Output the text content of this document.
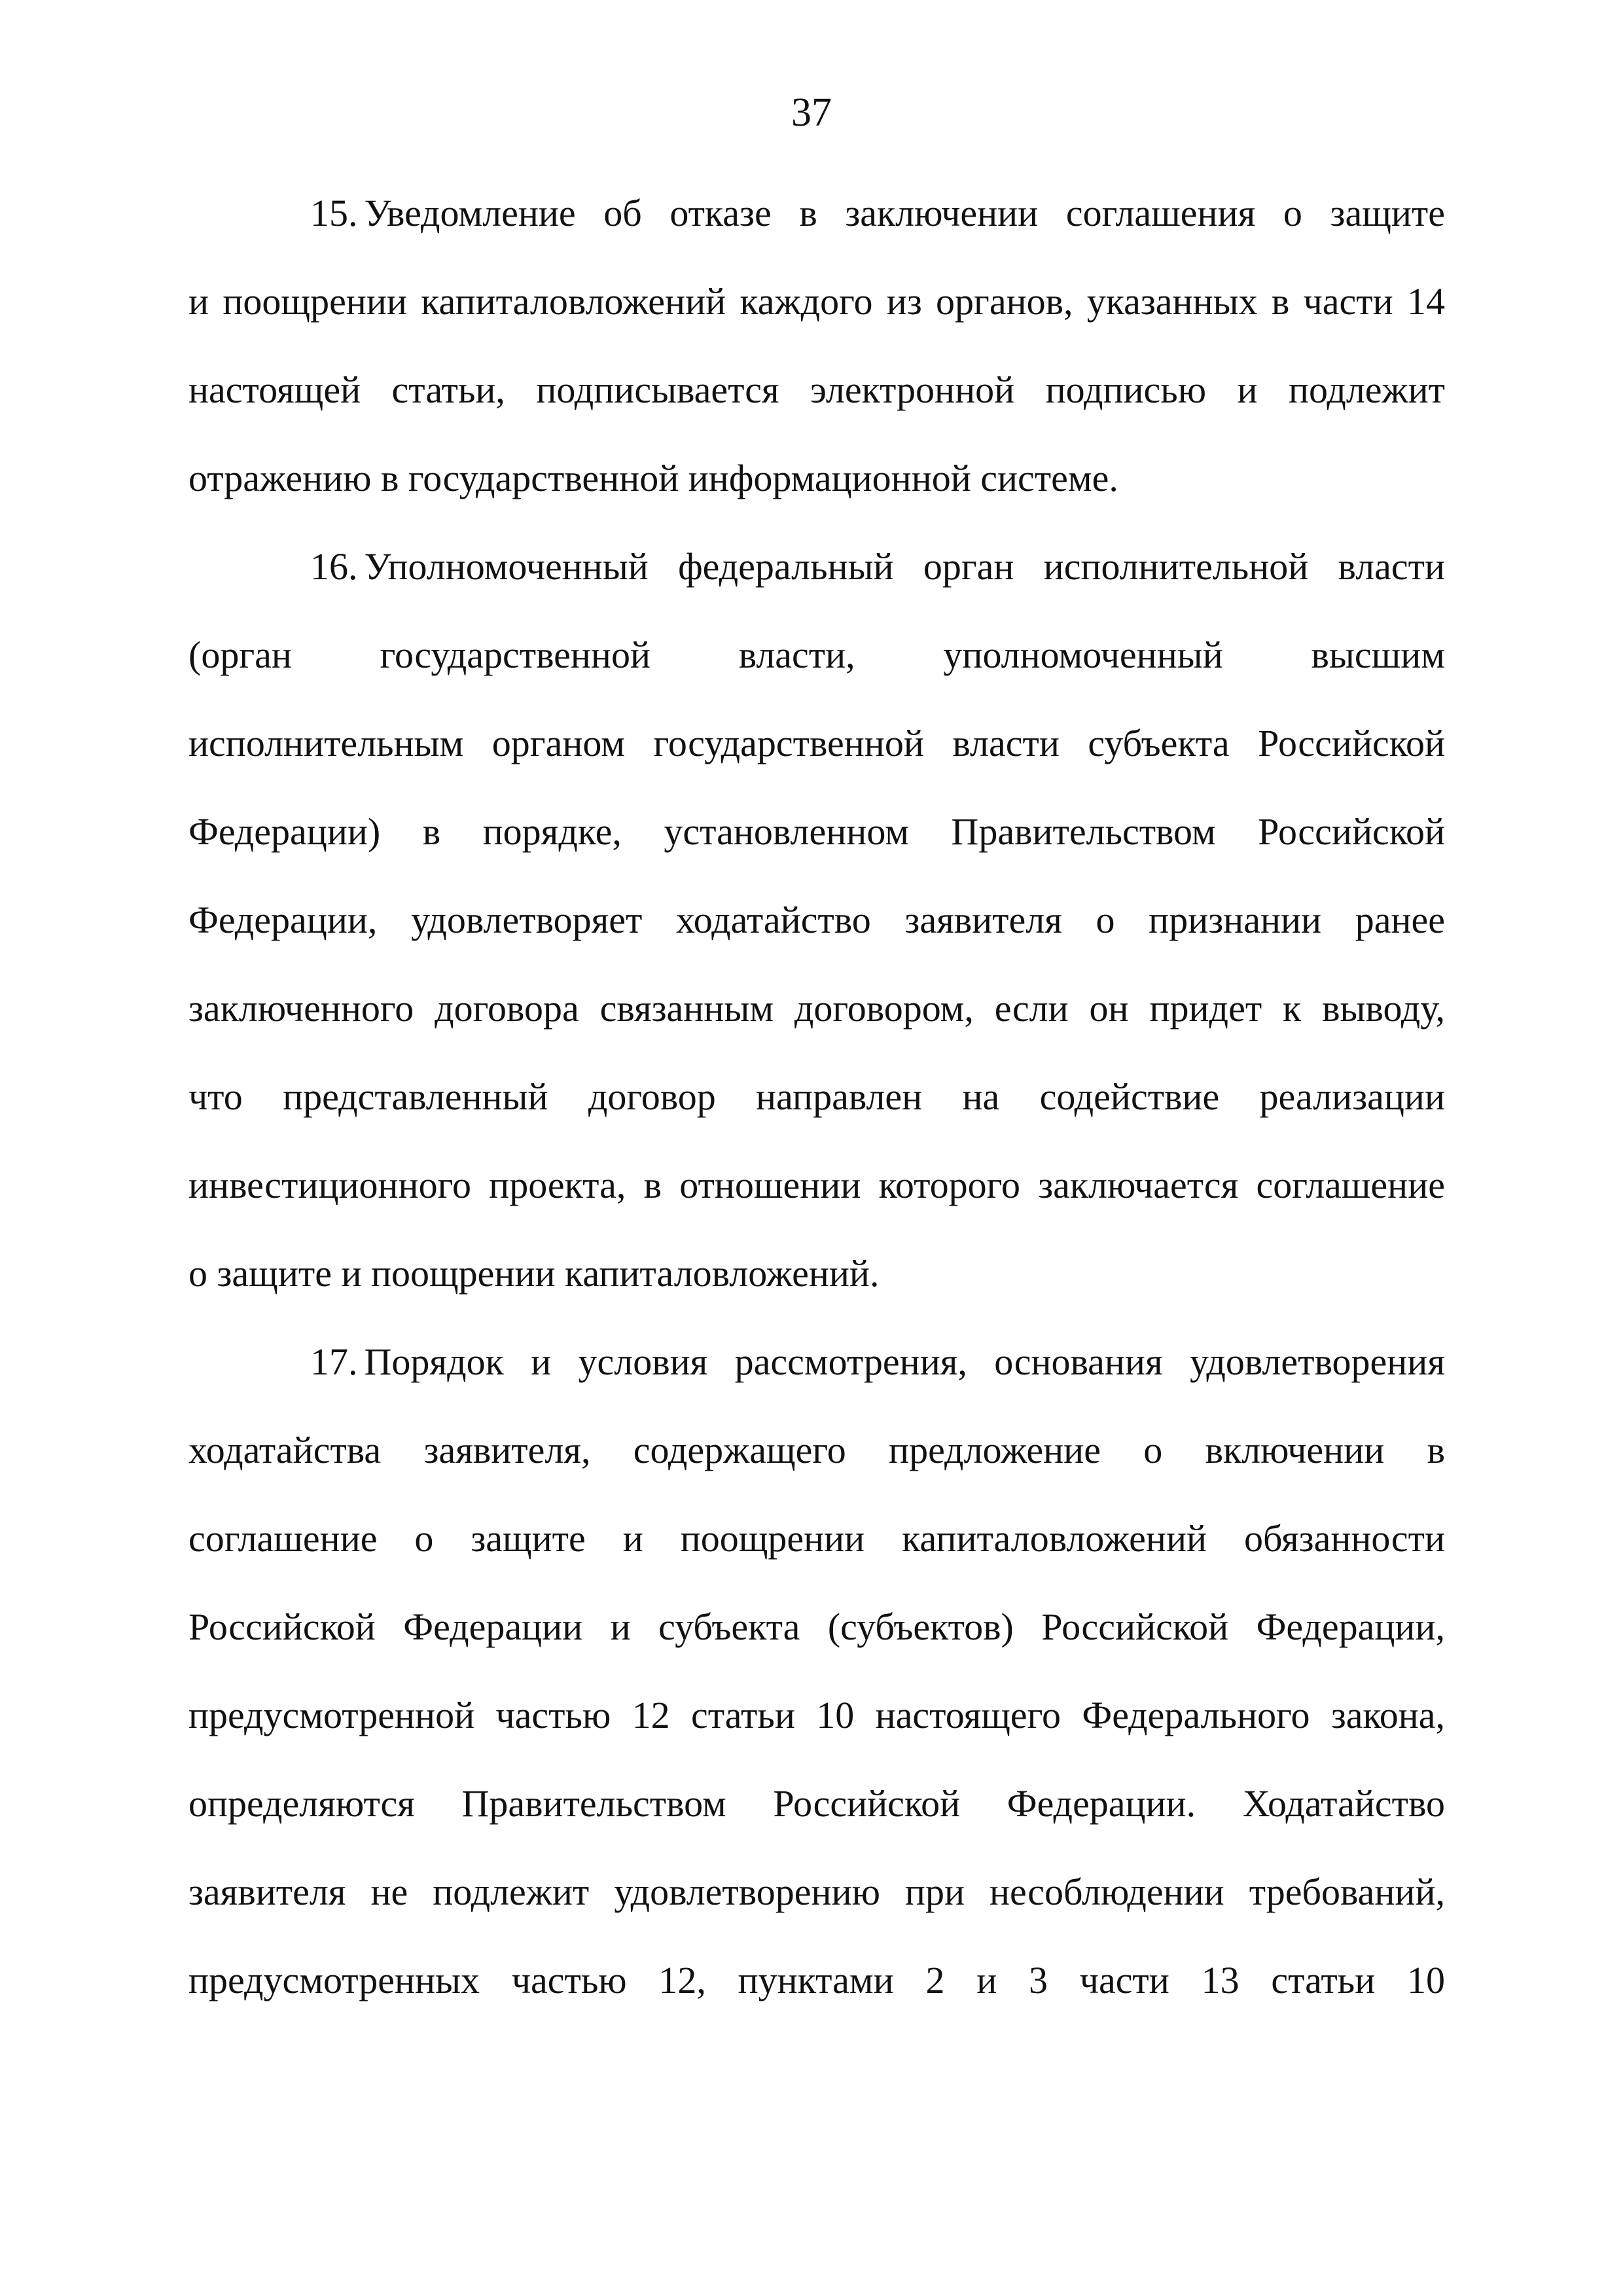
37

15. Уведомление об отказе в заключении соглашения о защите
и поощрении капиталовложений каждого из органов, указанных в части 14
настоящей статьи, подписывается электронной подписью и подлежит
отражению в государственной информационной системе.
16. Уполномоченный федеральный орган исполнительной власти
(орган государственной власти, уполномоченный высшим
исполнительным органом государственной власти субъекта Российской
Федерации) в порядке, установленном Правительством Российской
Федерации, удовлетворяет ходатайство заявителя о признании ранее
заключенного договора связанным договором, если он придет к выводу,
что представленный договор направлен на содействие реализации
инвестиционного проекта, в отношении которого заключается соглашение
о защите и поощрении капиталовложений.
17. Порядок и условия рассмотрения, основания удовлетворения
ходатайства заявителя, содержащего предложение о включении в
соглашение о защите и поощрении капиталовложений обязанности
Российской Федерации и субъекта (субъектов) Российской Федерации,
предусмотренной частью 12 статьи 10 настоящего Федерального закона,
определяются Правительством Российской Федерации. Ходатайство
заявителя не подлежит удовлетворению при несоблюдении требований,
предусмотренных частью 12, пунктами 2 и 3 части 13 статьи 10
